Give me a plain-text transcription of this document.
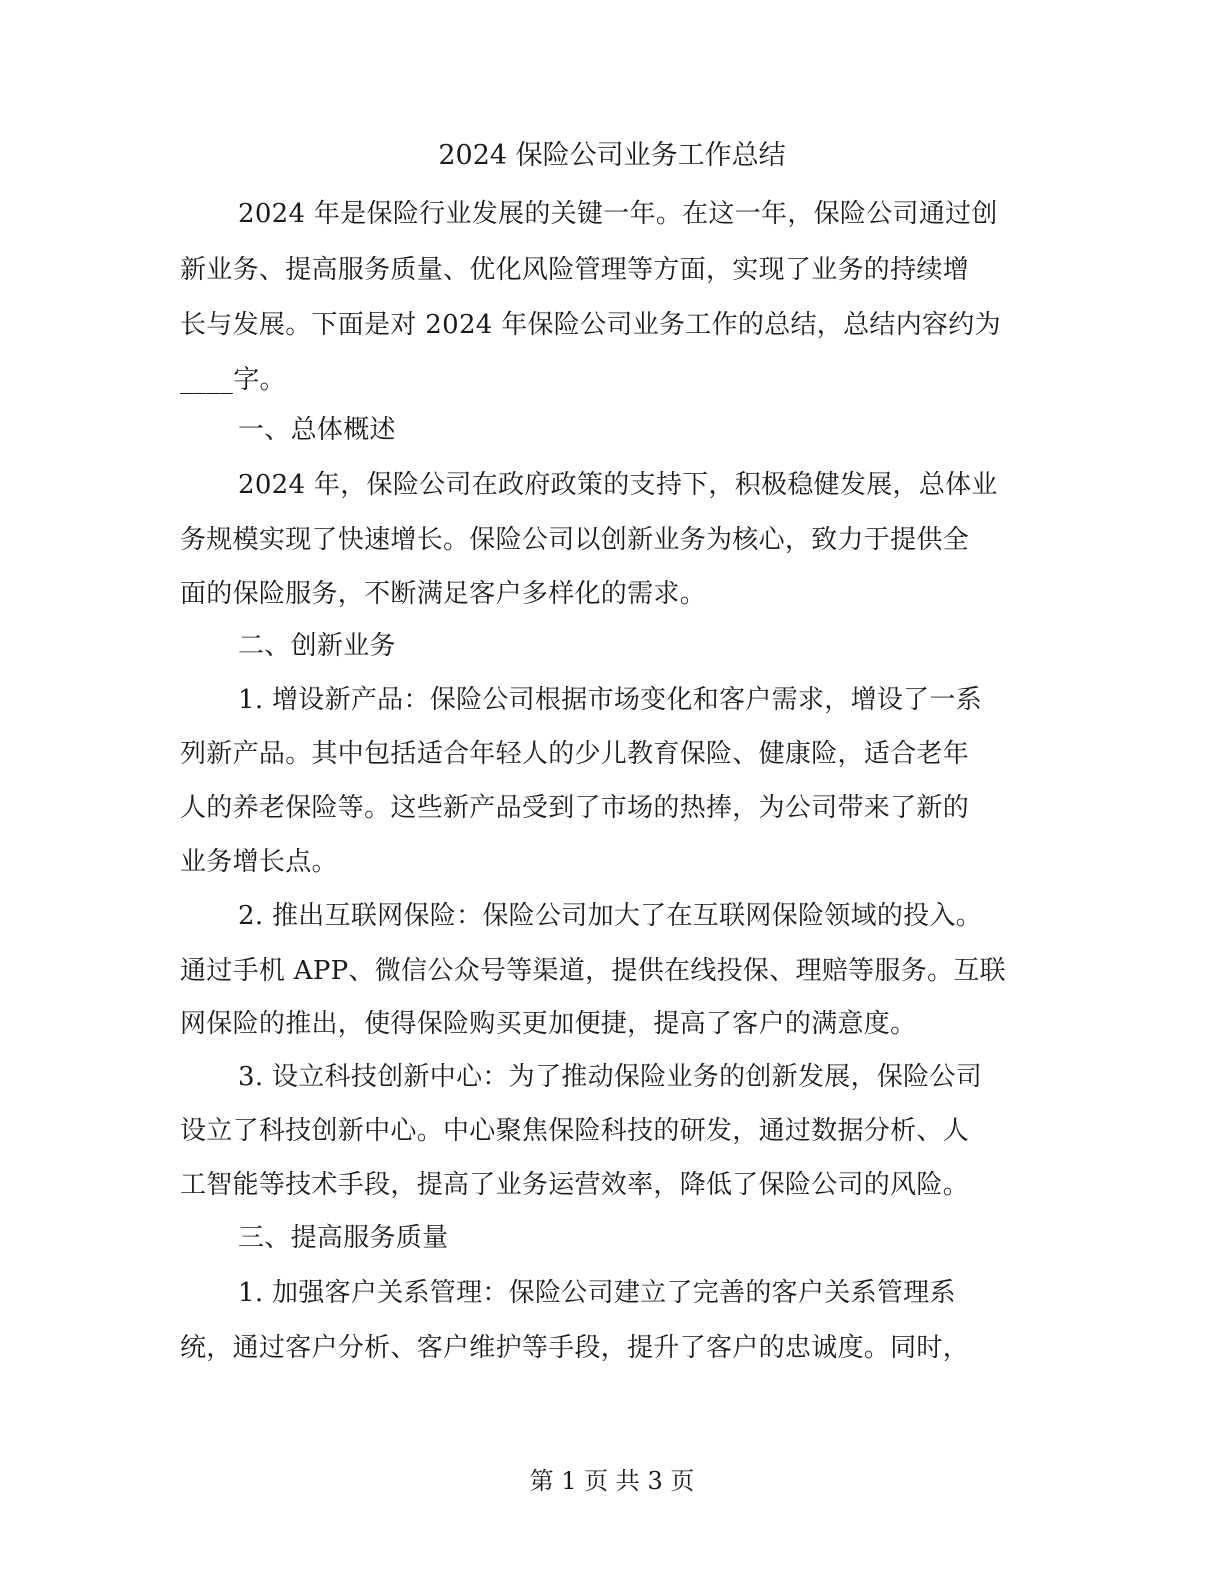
2024 保险公司业务工作总结
2024 年是保险行业发展的关键一年。在这一年，保险公司通过创
新业务、提高服务质量、优化风险管理等方面，实现了业务的持续增
长与发展。下面是对 2024 年保险公司业务工作的总结，总结内容约为
____字。
一、总体概述
2024 年，保险公司在政府政策的支持下，积极稳健发展，总体业
务规模实现了快速增长。保险公司以创新业务为核心，致力于提供全
面的保险服务，不断满足客户多样化的需求。
二、创新业务
1. 增设新产品：保险公司根据市场变化和客户需求，增设了一系
列新产品。其中包括适合年轻人的少儿教育保险、健康险，适合老年
人的养老保险等。这些新产品受到了市场的热捧，为公司带来了新的
业务增长点。
2. 推出互联网保险：保险公司加大了在互联网保险领域的投入。
通过手机 APP、微信公众号等渠道，提供在线投保、理赔等服务。互联
网保险的推出，使得保险购买更加便捷，提高了客户的满意度。
3. 设立科技创新中心：为了推动保险业务的创新发展，保险公司
设立了科技创新中心。中心聚焦保险科技的研发，通过数据分析、人
工智能等技术手段，提高了业务运营效率，降低了保险公司的风险。
三、提高服务质量
1. 加强客户关系管理：保险公司建立了完善的客户关系管理系
统，通过客户分析、客户维护等手段，提升了客户的忠诚度。同时，
第 1 页 共 3 页
